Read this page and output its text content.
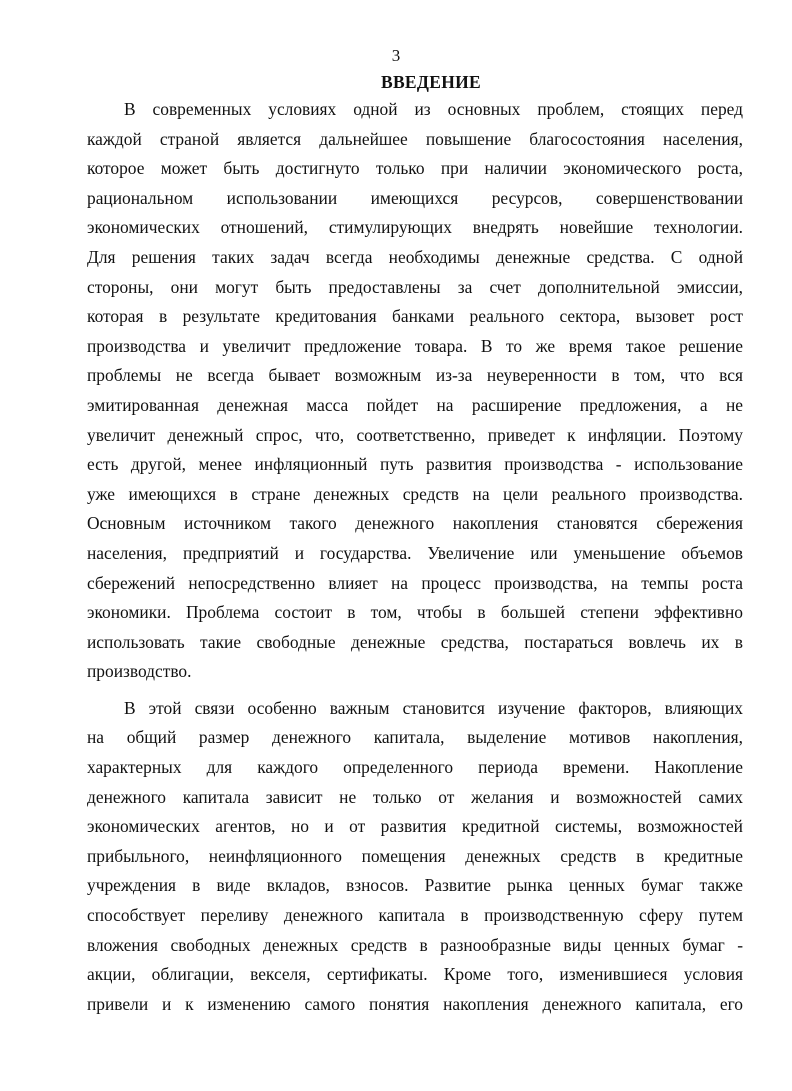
3
ВВЕДЕНИЕ
В современных условиях одной из основных проблем, стоящих перед
каждой страной является дальнейшее повышение благосостояния населения,
которое может быть достигнуто только при наличии экономического роста,
рациональном использовании имеющихся ресурсов, совершенствовании
экономических отношений, стимулирующих внедрять новейшие технологии.
Для решения таких задач всегда необходимы денежные средства. С одной
стороны, они могут быть предоставлены за счет дополнительной эмиссии,
которая в результате кредитования банками реального сектора, вызовет рост
производства и увеличит предложение товара. В то же время такое решение
проблемы не всегда бывает возможным из-за неуверенности в том, что вся
эмитированная денежная масса пойдет на расширение предложения, а не
увеличит денежный спрос, что, соответственно, приведет к инфляции. Поэтому
есть другой, менее инфляционный путь развития производства - использование
уже имеющихся в стране денежных средств на цели реального производства.
Основным источником такого денежного накопления становятся сбережения
населения, предприятий и государства. Увеличение или уменьшение объемов
сбережений непосредственно влияет на процесс производства, на темпы роста
экономики. Проблема состоит в том, чтобы в большей степени эффективно
использовать такие свободные денежные средства, постараться вовлечь их в
производство.
В этой связи особенно важным становится изучение факторов, влияющих
на общий размер денежного капитала, выделение мотивов накопления,
характерных для каждого определенного периода времени. Накопление
денежного капитала зависит не только от желания и возможностей самих
экономических агентов, но и от развития кредитной системы, возможностей
прибыльного, неинфляционного помещения денежных средств в кредитные
учреждения в виде вкладов, взносов. Развитие рынка ценных бумаг также
способствует переливу денежного капитала в производственную сферу путем
вложения свободных денежных средств в разнообразные виды ценных бумаг -
акции, облигации, векселя, сертификаты. Кроме того, изменившиеся условия
привели и к изменению самого понятия накопления денежного капитала, его
